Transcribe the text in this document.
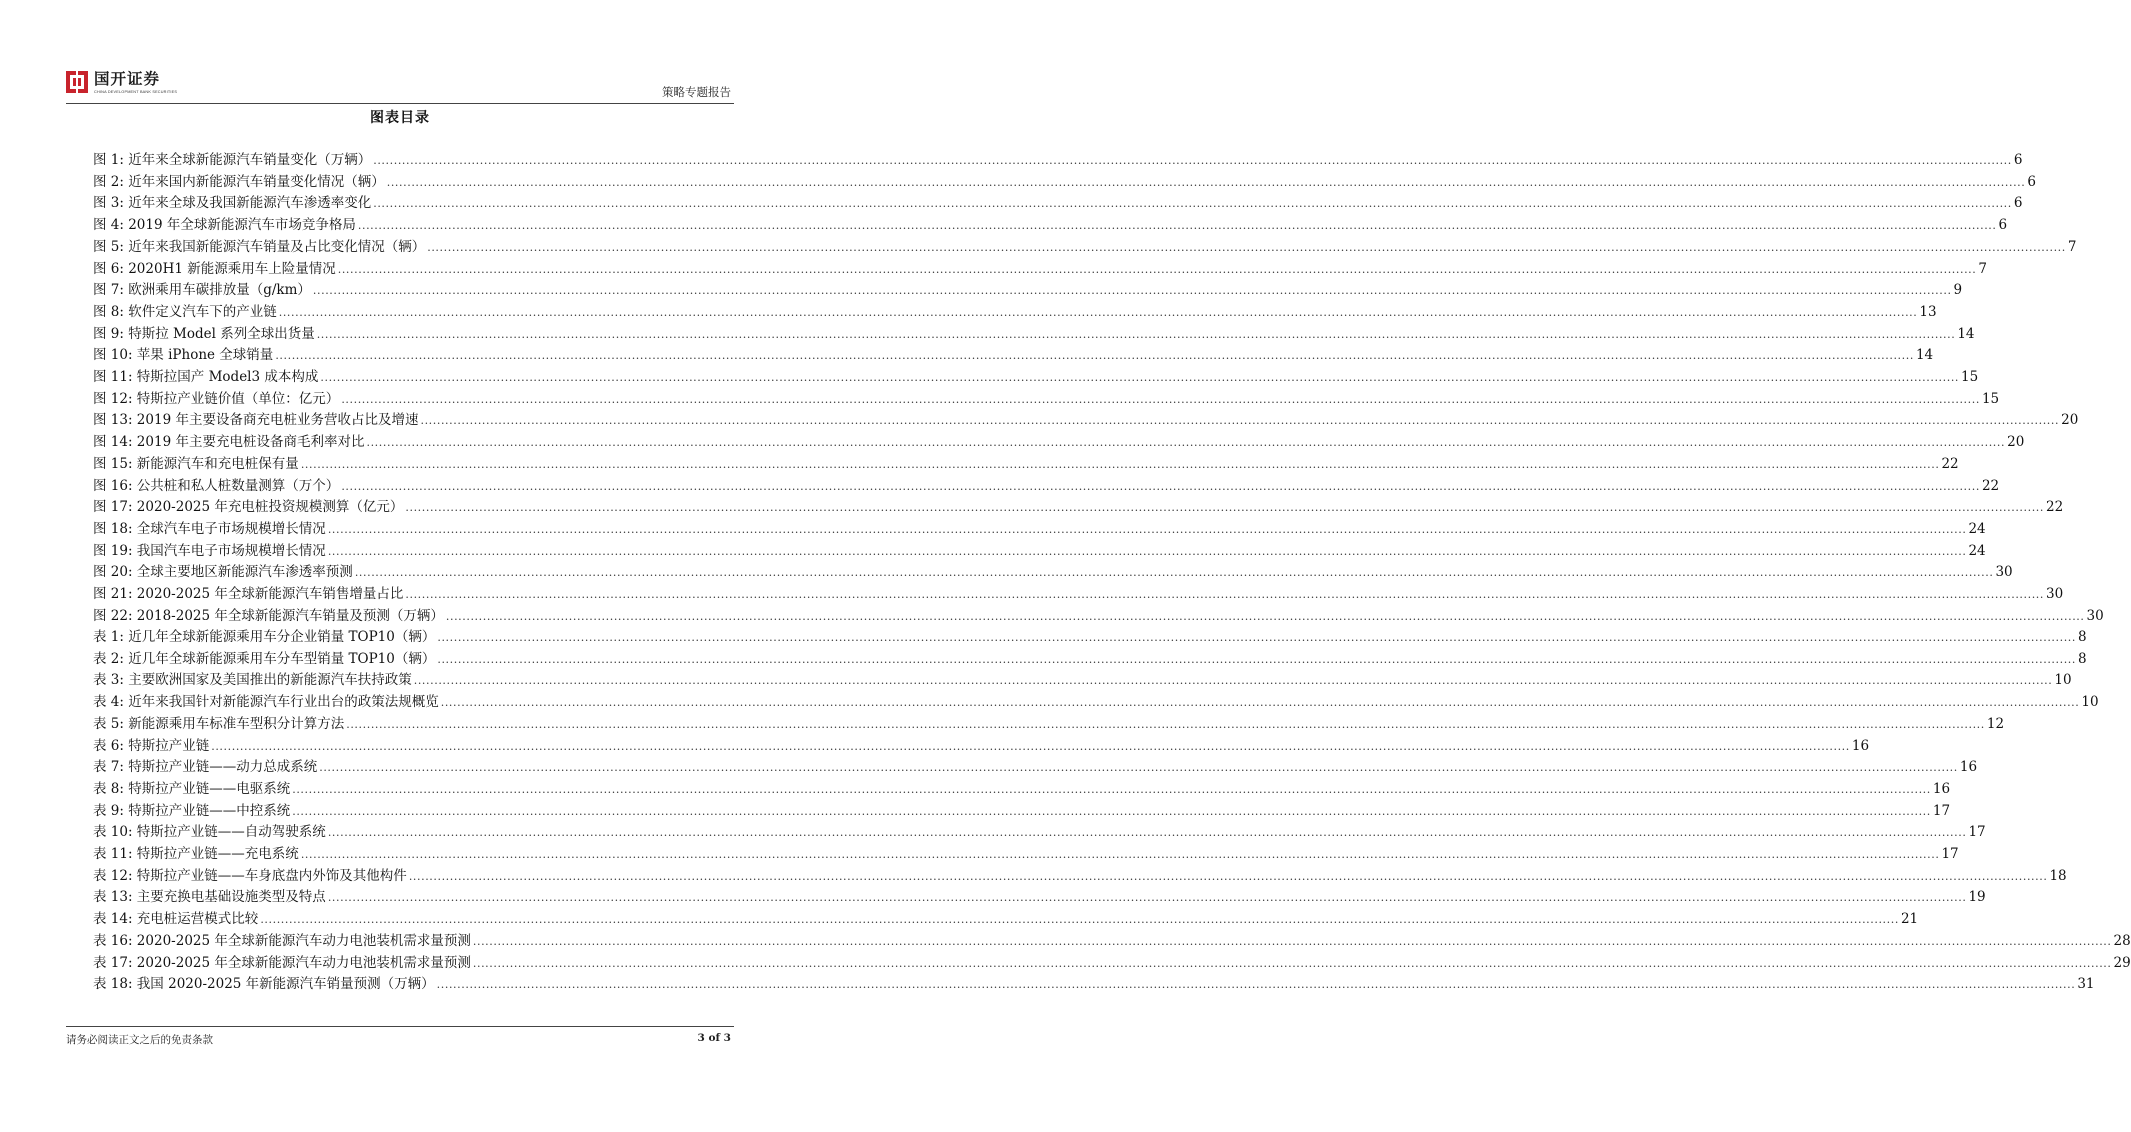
国开证券
CHINA DEVELOPMENT BANK SECURITIES	策略专题报告
图表目录
图 1: 近年来全球新能源汽车销量变化（万辆） ................................................................................................................................................................................................................................................................................................................................................................................................................ 6
图 2: 近年来国内新能源汽车销量变化情况（辆） ................................................................................................................................................................................................................................................................................................................................................................................................................ 6
图 3: 近年来全球及我国新能源汽车渗透率变化 ................................................................................................................................................................................................................................................................................................................................................................................................................ 6
图 4: 2019 年全球新能源汽车市场竞争格局 ................................................................................................................................................................................................................................................................................................................................................................................................................ 6
图 5: 近年来我国新能源汽车销量及占比变化情况（辆） ................................................................................................................................................................................................................................................................................................................................................................................................................ 7
图 6: 2020H1 新能源乘用车上险量情况 ................................................................................................................................................................................................................................................................................................................................................................................................................ 7
图 7: 欧洲乘用车碳排放量（g/km） ................................................................................................................................................................................................................................................................................................................................................................................................................ 9
图 8: 软件定义汽车下的产业链 ................................................................................................................................................................................................................................................................................................................................................................................................................ 13
图 9: 特斯拉 Model 系列全球出货量 ................................................................................................................................................................................................................................................................................................................................................................................................................ 14
图 10: 苹果 iPhone 全球销量 ................................................................................................................................................................................................................................................................................................................................................................................................................ 14
图 11: 特斯拉国产 Model3 成本构成 ................................................................................................................................................................................................................................................................................................................................................................................................................ 15
图 12: 特斯拉产业链价值（单位：亿元） ................................................................................................................................................................................................................................................................................................................................................................................................................ 15
图 13: 2019 年主要设备商充电桩业务营收占比及增速 ................................................................................................................................................................................................................................................................................................................................................................................................................ 20
图 14: 2019 年主要充电桩设备商毛利率对比 ................................................................................................................................................................................................................................................................................................................................................................................................................ 20
图 15: 新能源汽车和充电桩保有量 ................................................................................................................................................................................................................................................................................................................................................................................................................ 22
图 16: 公共桩和私人桩数量测算（万个） ................................................................................................................................................................................................................................................................................................................................................................................................................ 22
图 17: 2020-2025 年充电桩投资规模测算（亿元） ................................................................................................................................................................................................................................................................................................................................................................................................................ 22
图 18: 全球汽车电子市场规模增长情况 ................................................................................................................................................................................................................................................................................................................................................................................................................ 24
图 19: 我国汽车电子市场规模增长情况 ................................................................................................................................................................................................................................................................................................................................................................................................................ 24
图 20: 全球主要地区新能源汽车渗透率预测 ................................................................................................................................................................................................................................................................................................................................................................................................................ 30
图 21: 2020-2025 年全球新能源汽车销售增量占比 ................................................................................................................................................................................................................................................................................................................................................................................................................ 30
图 22: 2018-2025 年全球新能源汽车销量及预测（万辆） ................................................................................................................................................................................................................................................................................................................................................................................................................ 30
表 1: 近几年全球新能源乘用车分企业销量 TOP10（辆） ................................................................................................................................................................................................................................................................................................................................................................................................................ 8
表 2: 近几年全球新能源乘用车分车型销量 TOP10（辆） ................................................................................................................................................................................................................................................................................................................................................................................................................ 8
表 3: 主要欧洲国家及美国推出的新能源汽车扶持政策 ................................................................................................................................................................................................................................................................................................................................................................................................................ 10
表 4: 近年来我国针对新能源汽车行业出台的政策法规概览 ................................................................................................................................................................................................................................................................................................................................................................................................................ 10
表 5: 新能源乘用车标准车型积分计算方法 ................................................................................................................................................................................................................................................................................................................................................................................................................ 12
表 6: 特斯拉产业链 ................................................................................................................................................................................................................................................................................................................................................................................................................ 16
表 7: 特斯拉产业链——动力总成系统 ................................................................................................................................................................................................................................................................................................................................................................................................................ 16
表 8: 特斯拉产业链——电驱系统 ................................................................................................................................................................................................................................................................................................................................................................................................................ 16
表 9: 特斯拉产业链——中控系统 ................................................................................................................................................................................................................................................................................................................................................................................................................ 17
表 10: 特斯拉产业链——自动驾驶系统 ................................................................................................................................................................................................................................................................................................................................................................................................................ 17
表 11: 特斯拉产业链——充电系统 ................................................................................................................................................................................................................................................................................................................................................................................................................ 17
表 12: 特斯拉产业链——车身底盘内外饰及其他构件 ................................................................................................................................................................................................................................................................................................................................................................................................................ 18
表 13: 主要充换电基础设施类型及特点 ................................................................................................................................................................................................................................................................................................................................................................................................................ 19
表 14: 充电桩运营模式比较 ................................................................................................................................................................................................................................................................................................................................................................................................................ 21
表 16: 2020-2025 年全球新能源汽车动力电池装机需求量预测 ................................................................................................................................................................................................................................................................................................................................................................................................................ 28
表 17: 2020-2025 年全球新能源汽车动力电池装机需求量预测 ................................................................................................................................................................................................................................................................................................................................................................................................................ 29
表 18: 我国 2020-2025 年新能源汽车销量预测（万辆） ................................................................................................................................................................................................................................................................................................................................................................................................................ 31
请务必阅读正文之后的免责条款	3 of 3
